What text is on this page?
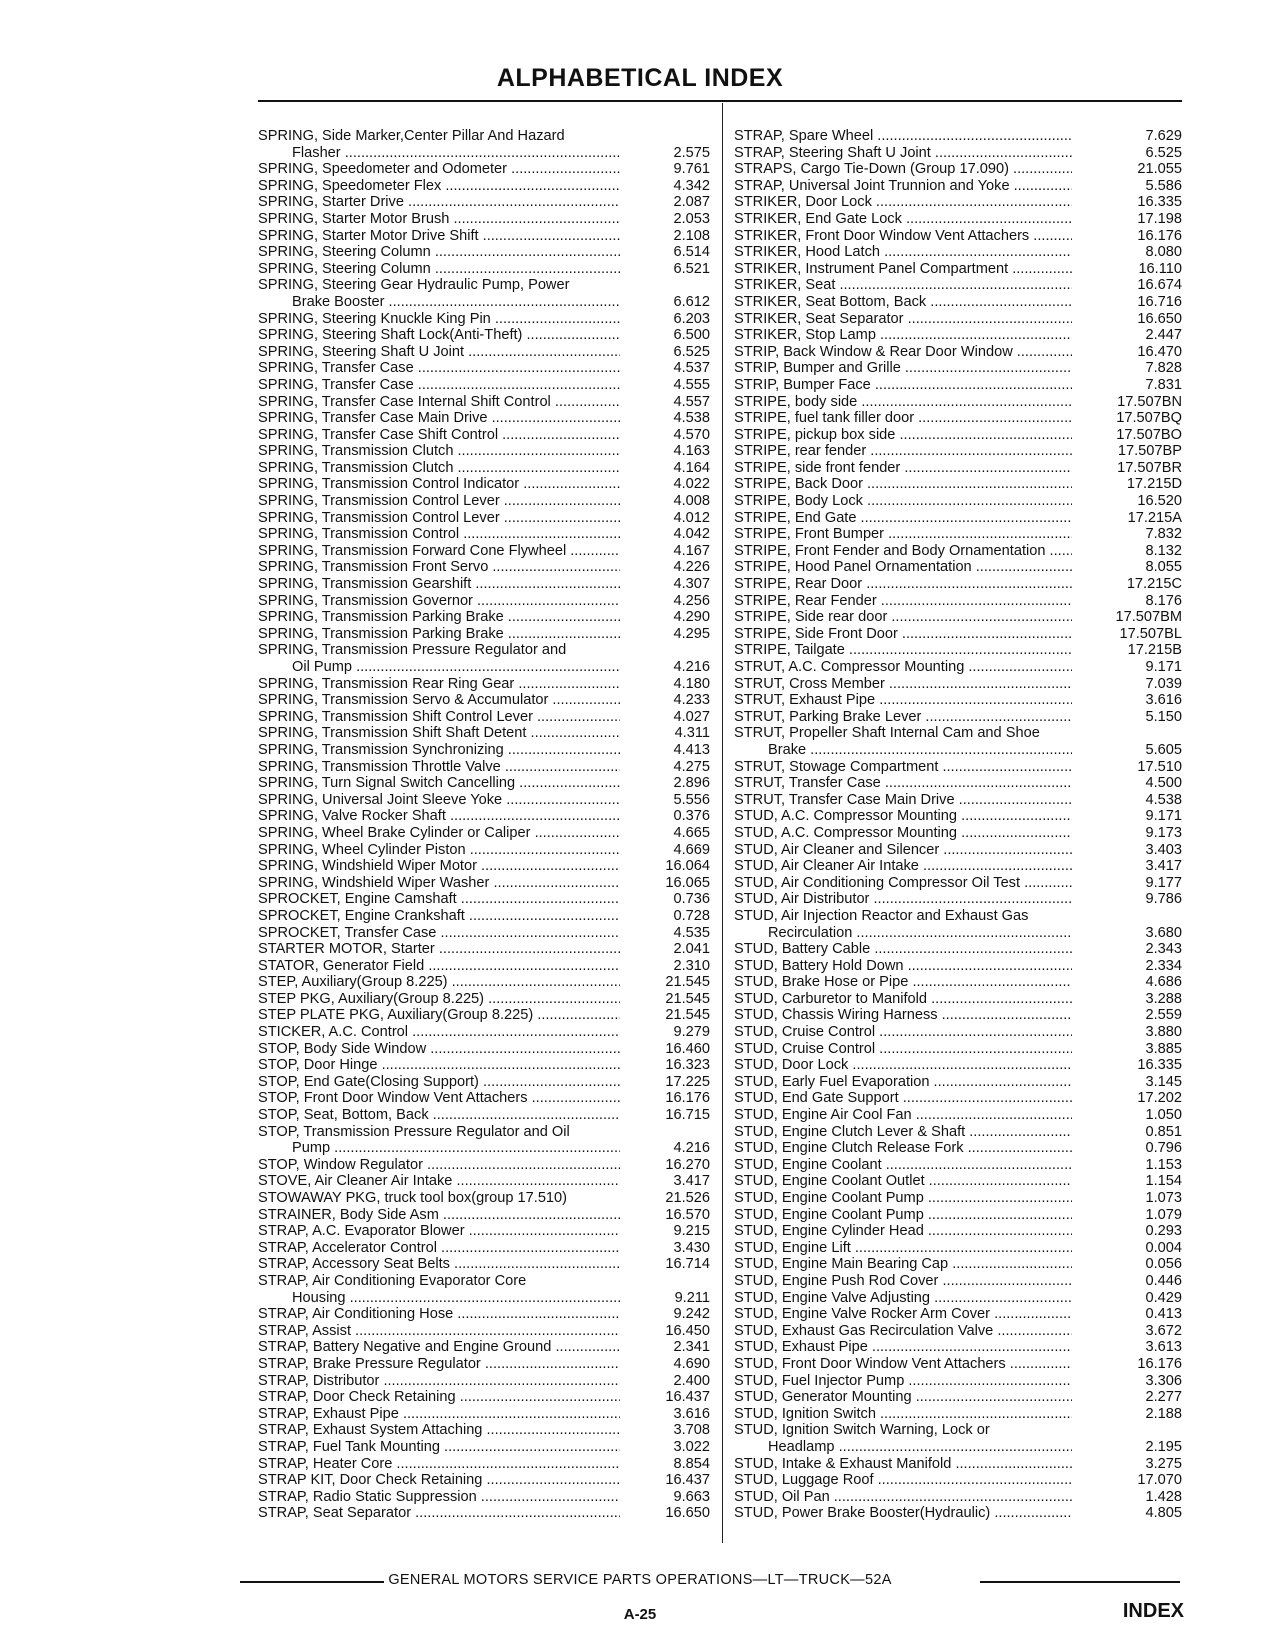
ALPHABETICAL INDEX
SPRING, Side Marker,Center Pillar And Hazard
Flasher .....	2.575
SPRING, Speedometer and Odometer .....	9.761
SPRING, Speedometer Flex .....	4.342
SPRING, Starter Drive .....	2.087
SPRING, Starter Motor Brush .....	2.053
SPRING, Starter Motor Drive Shift .....	2.108
SPRING, Steering Column .....	6.514
SPRING, Steering Column .....	6.521
SPRING, Steering Gear Hydraulic Pump, Power
Brake Booster .....	6.612
SPRING, Steering Knuckle King Pin .....	6.203
SPRING, Steering Shaft Lock(Anti-Theft) .....	6.500
SPRING, Steering Shaft U Joint .....	6.525
SPRING, Transfer Case .....	4.537
SPRING, Transfer Case .....	4.555
SPRING, Transfer Case Internal Shift Control .....	4.557
SPRING, Transfer Case Main Drive .....	4.538
SPRING, Transfer Case Shift Control .....	4.570
SPRING, Transmission Clutch .....	4.163
SPRING, Transmission Clutch .....	4.164
SPRING, Transmission Control Indicator .....	4.022
SPRING, Transmission Control Lever .....	4.008
SPRING, Transmission Control Lever .....	4.012
SPRING, Transmission Control .....	4.042
SPRING, Transmission Forward Cone Flywheel .....	4.167
SPRING, Transmission Front Servo .....	4.226
SPRING, Transmission Gearshift .....	4.307
SPRING, Transmission Governor .....	4.256
SPRING, Transmission Parking Brake .....	4.290
SPRING, Transmission Parking Brake .....	4.295
SPRING, Transmission Pressure Regulator and
Oil Pump .....	4.216
SPRING, Transmission Rear Ring Gear .....	4.180
SPRING, Transmission Servo & Accumulator .....	4.233
SPRING, Transmission Shift Control Lever .....	4.027
SPRING, Transmission Shift Shaft Detent .....	4.311
SPRING, Transmission Synchronizing .....	4.413
SPRING, Transmission Throttle Valve .....	4.275
SPRING, Turn Signal Switch Cancelling .....	2.896
SPRING, Universal Joint Sleeve Yoke .....	5.556
SPRING, Valve Rocker Shaft .....	0.376
SPRING, Wheel Brake Cylinder or Caliper .....	4.665
SPRING, Wheel Cylinder Piston .....	4.669
SPRING, Windshield Wiper Motor .....	16.064
SPRING, Windshield Wiper Washer .....	16.065
SPROCKET, Engine Camshaft .....	0.736
SPROCKET, Engine Crankshaft .....	0.728
SPROCKET, Transfer Case .....	4.535
STARTER MOTOR, Starter .....	2.041
STATOR, Generator Field .....	2.310
STEP, Auxiliary(Group 8.225) .....	21.545
STEP PKG, Auxiliary(Group 8.225) .....	21.545
STEP PLATE PKG, Auxiliary(Group 8.225) .....	21.545
STICKER, A.C. Control .....	9.279
STOP, Body Side Window .....	16.460
STOP, Door Hinge .....	16.323
STOP, End Gate(Closing Support) .....	17.225
STOP, Front Door Window Vent Attachers .....	16.176
STOP, Seat, Bottom, Back .....	16.715
STOP, Transmission Pressure Regulator and Oil
Pump .....	4.216
STOP, Window Regulator .....	16.270
STOVE, Air Cleaner Air Intake .....	3.417
STOWAWAY PKG, truck tool box(group 17.510)	21.526
STRAINER, Body Side Asm .....	16.570
STRAP, A.C. Evaporator Blower .....	9.215
STRAP, Accelerator Control .....	3.430
STRAP, Accessory Seat Belts .....	16.714
STRAP, Air Conditioning Evaporator Core
Housing .....	9.211
STRAP, Air Conditioning Hose .....	9.242
STRAP, Assist .....	16.450
STRAP, Battery Negative and Engine Ground .....	2.341
STRAP, Brake Pressure Regulator .....	4.690
STRAP, Distributor .....	2.400
STRAP, Door Check Retaining .....	16.437
STRAP, Exhaust Pipe .....	3.616
STRAP, Exhaust System Attaching .....	3.708
STRAP, Fuel Tank Mounting .....	3.022
STRAP, Heater Core .....	8.854
STRAP KIT, Door Check Retaining .....	16.437
STRAP, Radio Static Suppression .....	9.663
STRAP, Seat Separator .....	16.650
STRAP, Spare Wheel .....	7.629
STRAP, Steering Shaft U Joint .....	6.525
STRAPS, Cargo Tie-Down (Group 17.090) .....	21.055
STRAP, Universal Joint Trunnion and Yoke .....	5.586
STRIKER, Door Lock .....	16.335
STRIKER, End Gate Lock .....	17.198
STRIKER, Front Door Window Vent Attachers .....	16.176
STRIKER, Hood Latch .....	8.080
STRIKER, Instrument Panel Compartment .....	16.110
STRIKER, Seat .....	16.674
STRIKER, Seat Bottom, Back .....	16.716
STRIKER, Seat Separator .....	16.650
STRIKER, Stop Lamp .....	2.447
STRIP, Back Window & Rear Door Window .....	16.470
STRIP, Bumper and Grille .....	7.828
STRIP, Bumper Face .....	7.831
STRIPE, body side .....	17.507BN
STRIPE, fuel tank filler door .....	17.507BQ
STRIPE, pickup box side .....	17.507BO
STRIPE, rear fender .....	17.507BP
STRIPE, side front fender .....	17.507BR
STRIPE, Back Door .....	17.215D
STRIPE, Body Lock .....	16.520
STRIPE, End Gate .....	17.215A
STRIPE, Front Bumper .....	7.832
STRIPE, Front Fender and Body Ornamentation .....	8.132
STRIPE, Hood Panel Ornamentation .....	8.055
STRIPE, Rear Door .....	17.215C
STRIPE, Rear Fender .....	8.176
STRIPE, Side rear door .....	17.507BM
STRIPE, Side Front Door .....	17.507BL
STRIPE, Tailgate .....	17.215B
STRUT, A.C. Compressor Mounting .....	9.171
STRUT, Cross Member .....	7.039
STRUT, Exhaust Pipe .....	3.616
STRUT, Parking Brake Lever .....	5.150
STRUT, Propeller Shaft Internal Cam and Shoe
Brake .....	5.605
STRUT, Stowage Compartment .....	17.510
STRUT, Transfer Case .....	4.500
STRUT, Transfer Case Main Drive .....	4.538
STUD, A.C. Compressor Mounting .....	9.171
STUD, A.C. Compressor Mounting .....	9.173
STUD, Air Cleaner and Silencer .....	3.403
STUD, Air Cleaner Air Intake .....	3.417
STUD, Air Conditioning Compressor Oil Test .....	9.177
STUD, Air Distributor .....	9.786
STUD, Air Injection Reactor and Exhaust Gas
Recirculation .....	3.680
STUD, Battery Cable .....	2.343
STUD, Battery Hold Down .....	2.334
STUD, Brake Hose or Pipe .....	4.686
STUD, Carburetor to Manifold .....	3.288
STUD, Chassis Wiring Harness .....	2.559
STUD, Cruise Control .....	3.880
STUD, Cruise Control .....	3.885
STUD, Door Lock .....	16.335
STUD, Early Fuel Evaporation .....	3.145
STUD, End Gate Support .....	17.202
STUD, Engine Air Cool Fan .....	1.050
STUD, Engine Clutch Lever & Shaft .....	0.851
STUD, Engine Clutch Release Fork .....	0.796
STUD, Engine Coolant .....	1.153
STUD, Engine Coolant Outlet .....	1.154
STUD, Engine Coolant Pump .....	1.073
STUD, Engine Coolant Pump .....	1.079
STUD, Engine Cylinder Head .....	0.293
STUD, Engine Lift .....	0.004
STUD, Engine Main Bearing Cap .....	0.056
STUD, Engine Push Rod Cover .....	0.446
STUD, Engine Valve Adjusting .....	0.429
STUD, Engine Valve Rocker Arm Cover .....	0.413
STUD, Exhaust Gas Recirculation Valve .....	3.672
STUD, Exhaust Pipe .....	3.613
STUD, Front Door Window Vent Attachers .....	16.176
STUD, Fuel Injector Pump .....	3.306
STUD, Generator Mounting .....	2.277
STUD, Ignition Switch .....	2.188
STUD, Ignition Switch Warning, Lock or
Headlamp .....	2.195
STUD, Intake & Exhaust Manifold .....	3.275
STUD, Luggage Roof .....	17.070
STUD, Oil Pan .....	1.428
STUD, Power Brake Booster(Hydraulic) .....	4.805
GENERAL MOTORS SERVICE PARTS OPERATIONS—LT—TRUCK—52A
A-25	INDEX
